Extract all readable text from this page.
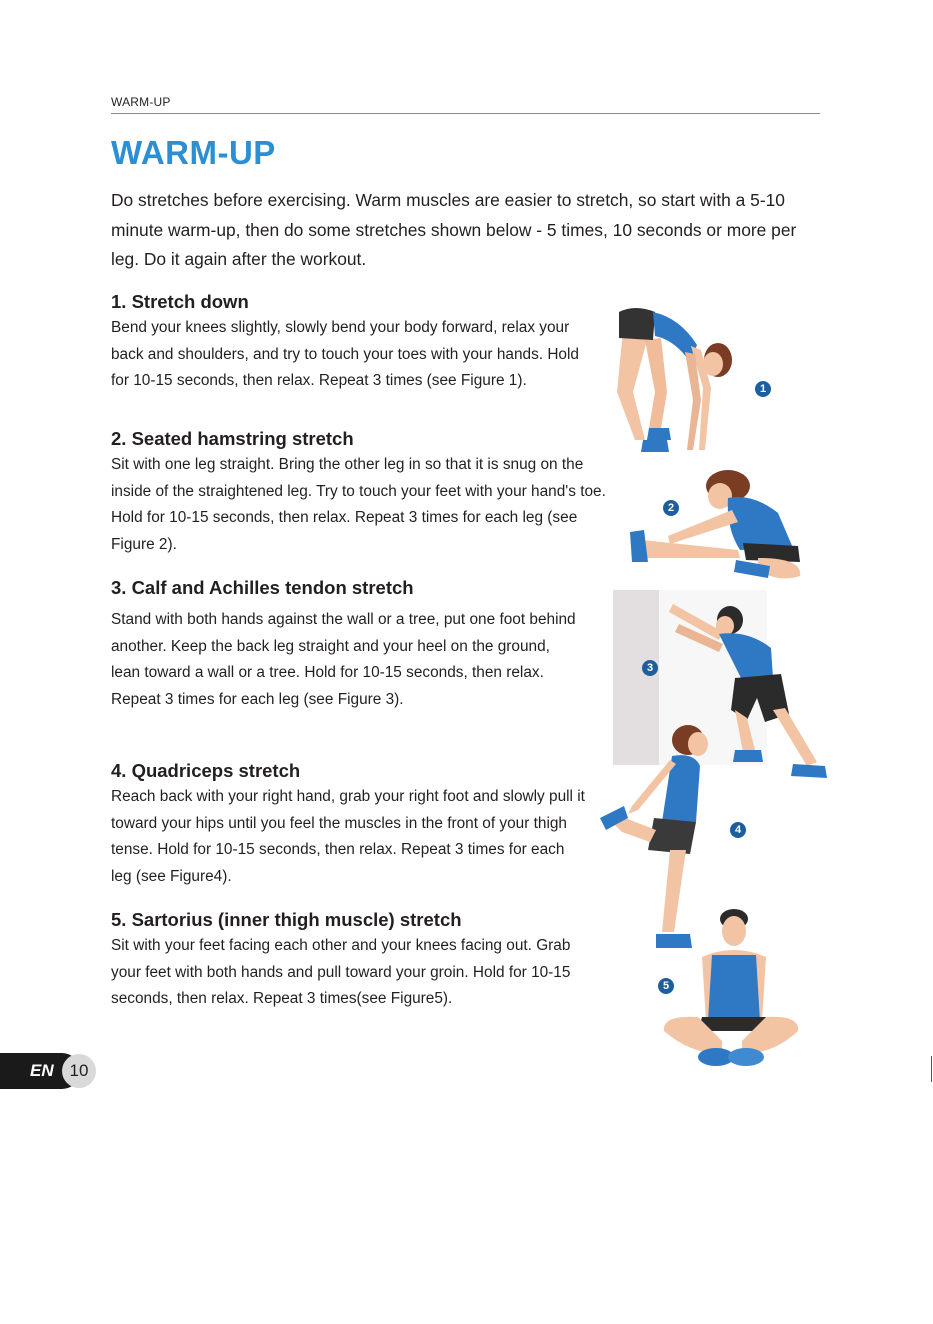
WARM-UP
WARM-UP

Do stretches before exercising. Warm muscles are easier to stretch, so start with a 5-10 minute warm-up, then do some stretches shown below - 5 times, 10 seconds or more per leg. Do it again after the workout.

1. Stretch down

Bend your knees slightly, slowly bend your body forward, relax your back and shoulders, and try to touch your toes with your hands. Hold for 10-15 seconds, then relax. Repeat 3 times (see Figure 1).

2. Seated hamstring stretch

Sit with one leg straight. Bring the other leg in so that it is snug on the inside of the straightened leg. Try to touch your feet with your hand's toe. Hold for 10-15 seconds, then relax. Repeat 3 times for each leg (see Figure 2).

3. Calf and Achilles tendon stretch

Stand with both hands against the wall or a tree, put one foot behind another. Keep the back leg straight and your heel on the ground, lean toward a wall or a tree. Hold for 10-15 seconds, then relax. Repeat 3 times for each leg (see Figure 3).

4. Quadriceps stretch

Reach back with your right hand, grab your right foot and slowly pull it toward your hips until you feel the muscles in the front of your thigh tense. Hold for 10-15 seconds, then relax. Repeat 3 times for each leg (see Figure4).

5. Sartorius (inner thigh muscle) stretch

Sit with your feet facing each other and your knees facing out. Grab your feet with both hands and pull toward your groin. Hold for 10-15 seconds, then relax. Repeat 3 times(see Figure5).

1
2
3
4
5
EN 10
